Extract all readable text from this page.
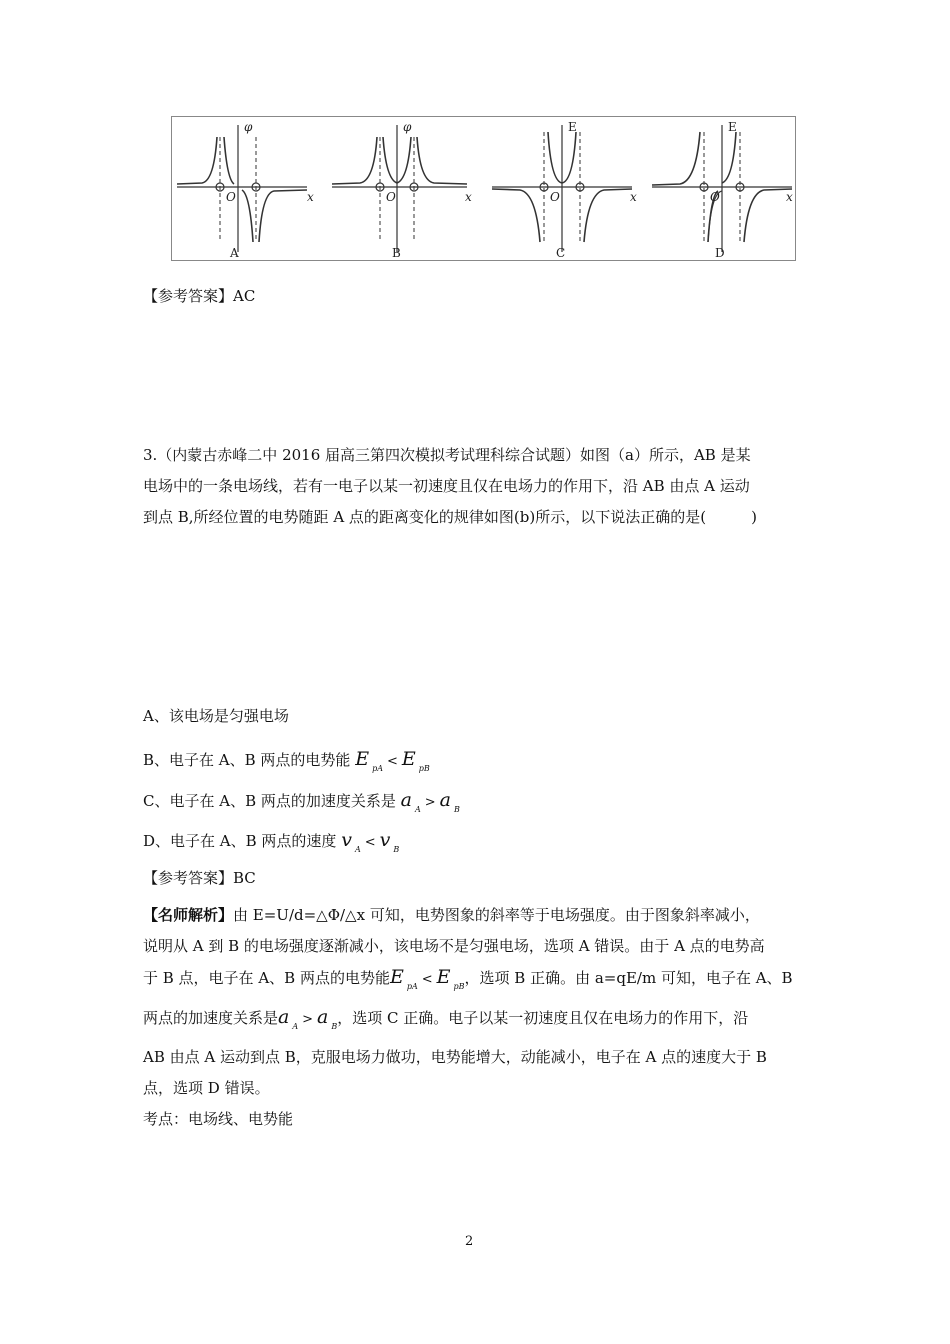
φ
x
O
A
φ
x
O
B
E
x
O
C
E
x
O
D
【参考答案】AC
3.（内蒙古赤峰二中 2016 届高三第四次模拟考试理科综合试题）如图（a）所示，AB 是某
电场中的一条电场线，若有一电子以某一初速度且仅在电场力的作用下，沿 AB 由点 A 运动
到点 B,所经位置的电势随距 A 点的距离变化的规律如图(b)所示，以下说法正确的是(　　　)
A、该电场是匀强电场
B、电子在 A、B 两点的电势能 E $_{pA}$ < E $_{pB}$
C、电子在 A、B 两点的加速度关系是 a $_A$ > a $_B$
D、电子在 A、B 两点的速度 v $_A$ < v $_B$
【参考答案】BC
【名师解析】由 E=U/d=△Φ/△x 可知，电势图象的斜率等于电场强度。由于图象斜率减小，
说明从 A 到 B 的电场强度逐渐减小，该电场不是匀强电场，选项 A 错误。由于 A 点的电势高
于 B 点，电子在 A、B 两点的电势能E $_{pA}$ < E $_{pB}$，选项 B 正确。由 a=qE/m 可知，电子在 A、B
两点的加速度关系是a $_A$ > a $_B$，选项 C 正确。电子以某一初速度且仅在电场力的作用下，沿
AB 由点 A 运动到点 B，克服电场力做功，电势能增大，动能减小，电子在 A 点的速度大于 B
点，选项 D 错误。
考点：电场线、电势能
2
